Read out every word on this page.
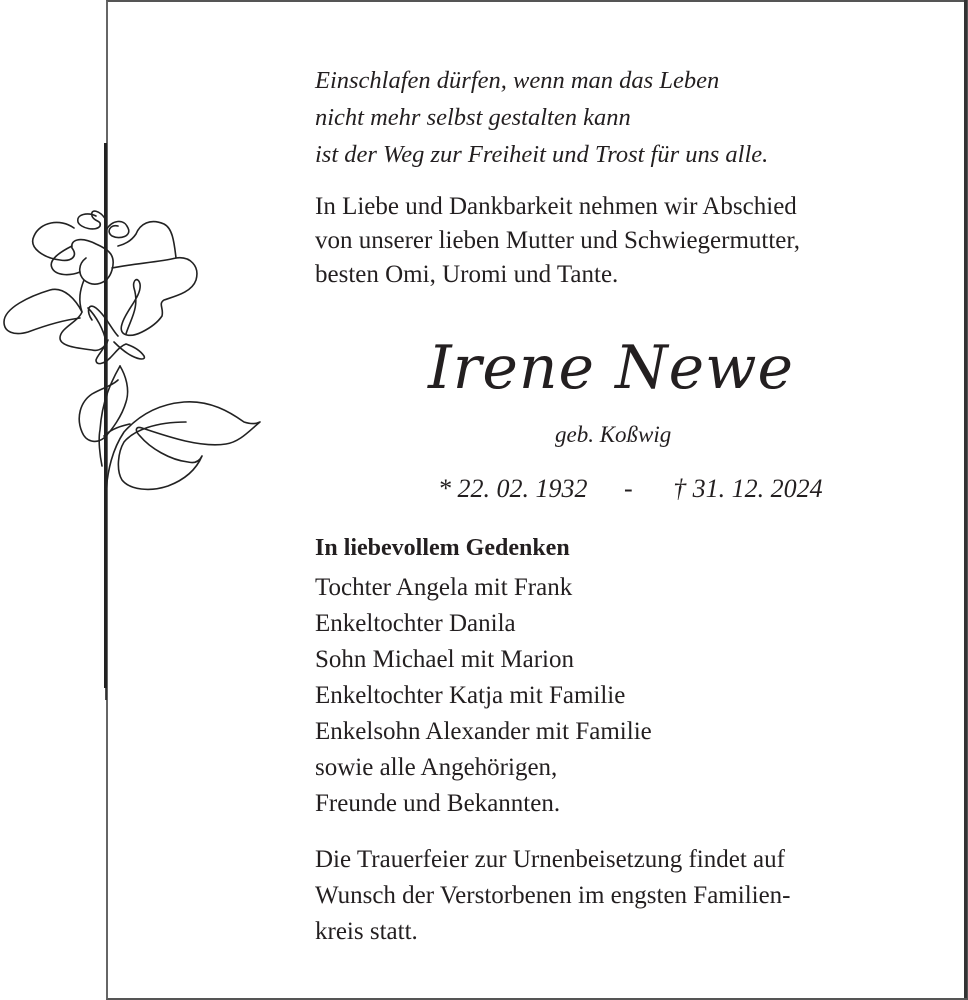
Einschlafen dürfen, wenn man das Leben
nicht mehr selbst gestalten kann
ist der Weg zur Freiheit und Trost für uns alle.
In Liebe und Dankbarkeit nehmen wir Abschied
von unserer lieben Mutter und Schwiegermutter,
besten Omi, Uromi und Tante.
Irene Newe
geb. Koßwig
* 22. 02. 1932 - † 31. 12. 2024
In liebevollem Gedenken
Tochter Angela mit Frank
Enkeltochter Danila
Sohn Michael mit Marion
Enkeltochter Katja mit Familie
Enkelsohn Alexander mit Familie
sowie alle Angehörigen,
Freunde und Bekannten.
Die Trauerfeier zur Urnenbeisetzung findet auf
Wunsch der Verstorbenen im engsten Familien-
kreis statt.
